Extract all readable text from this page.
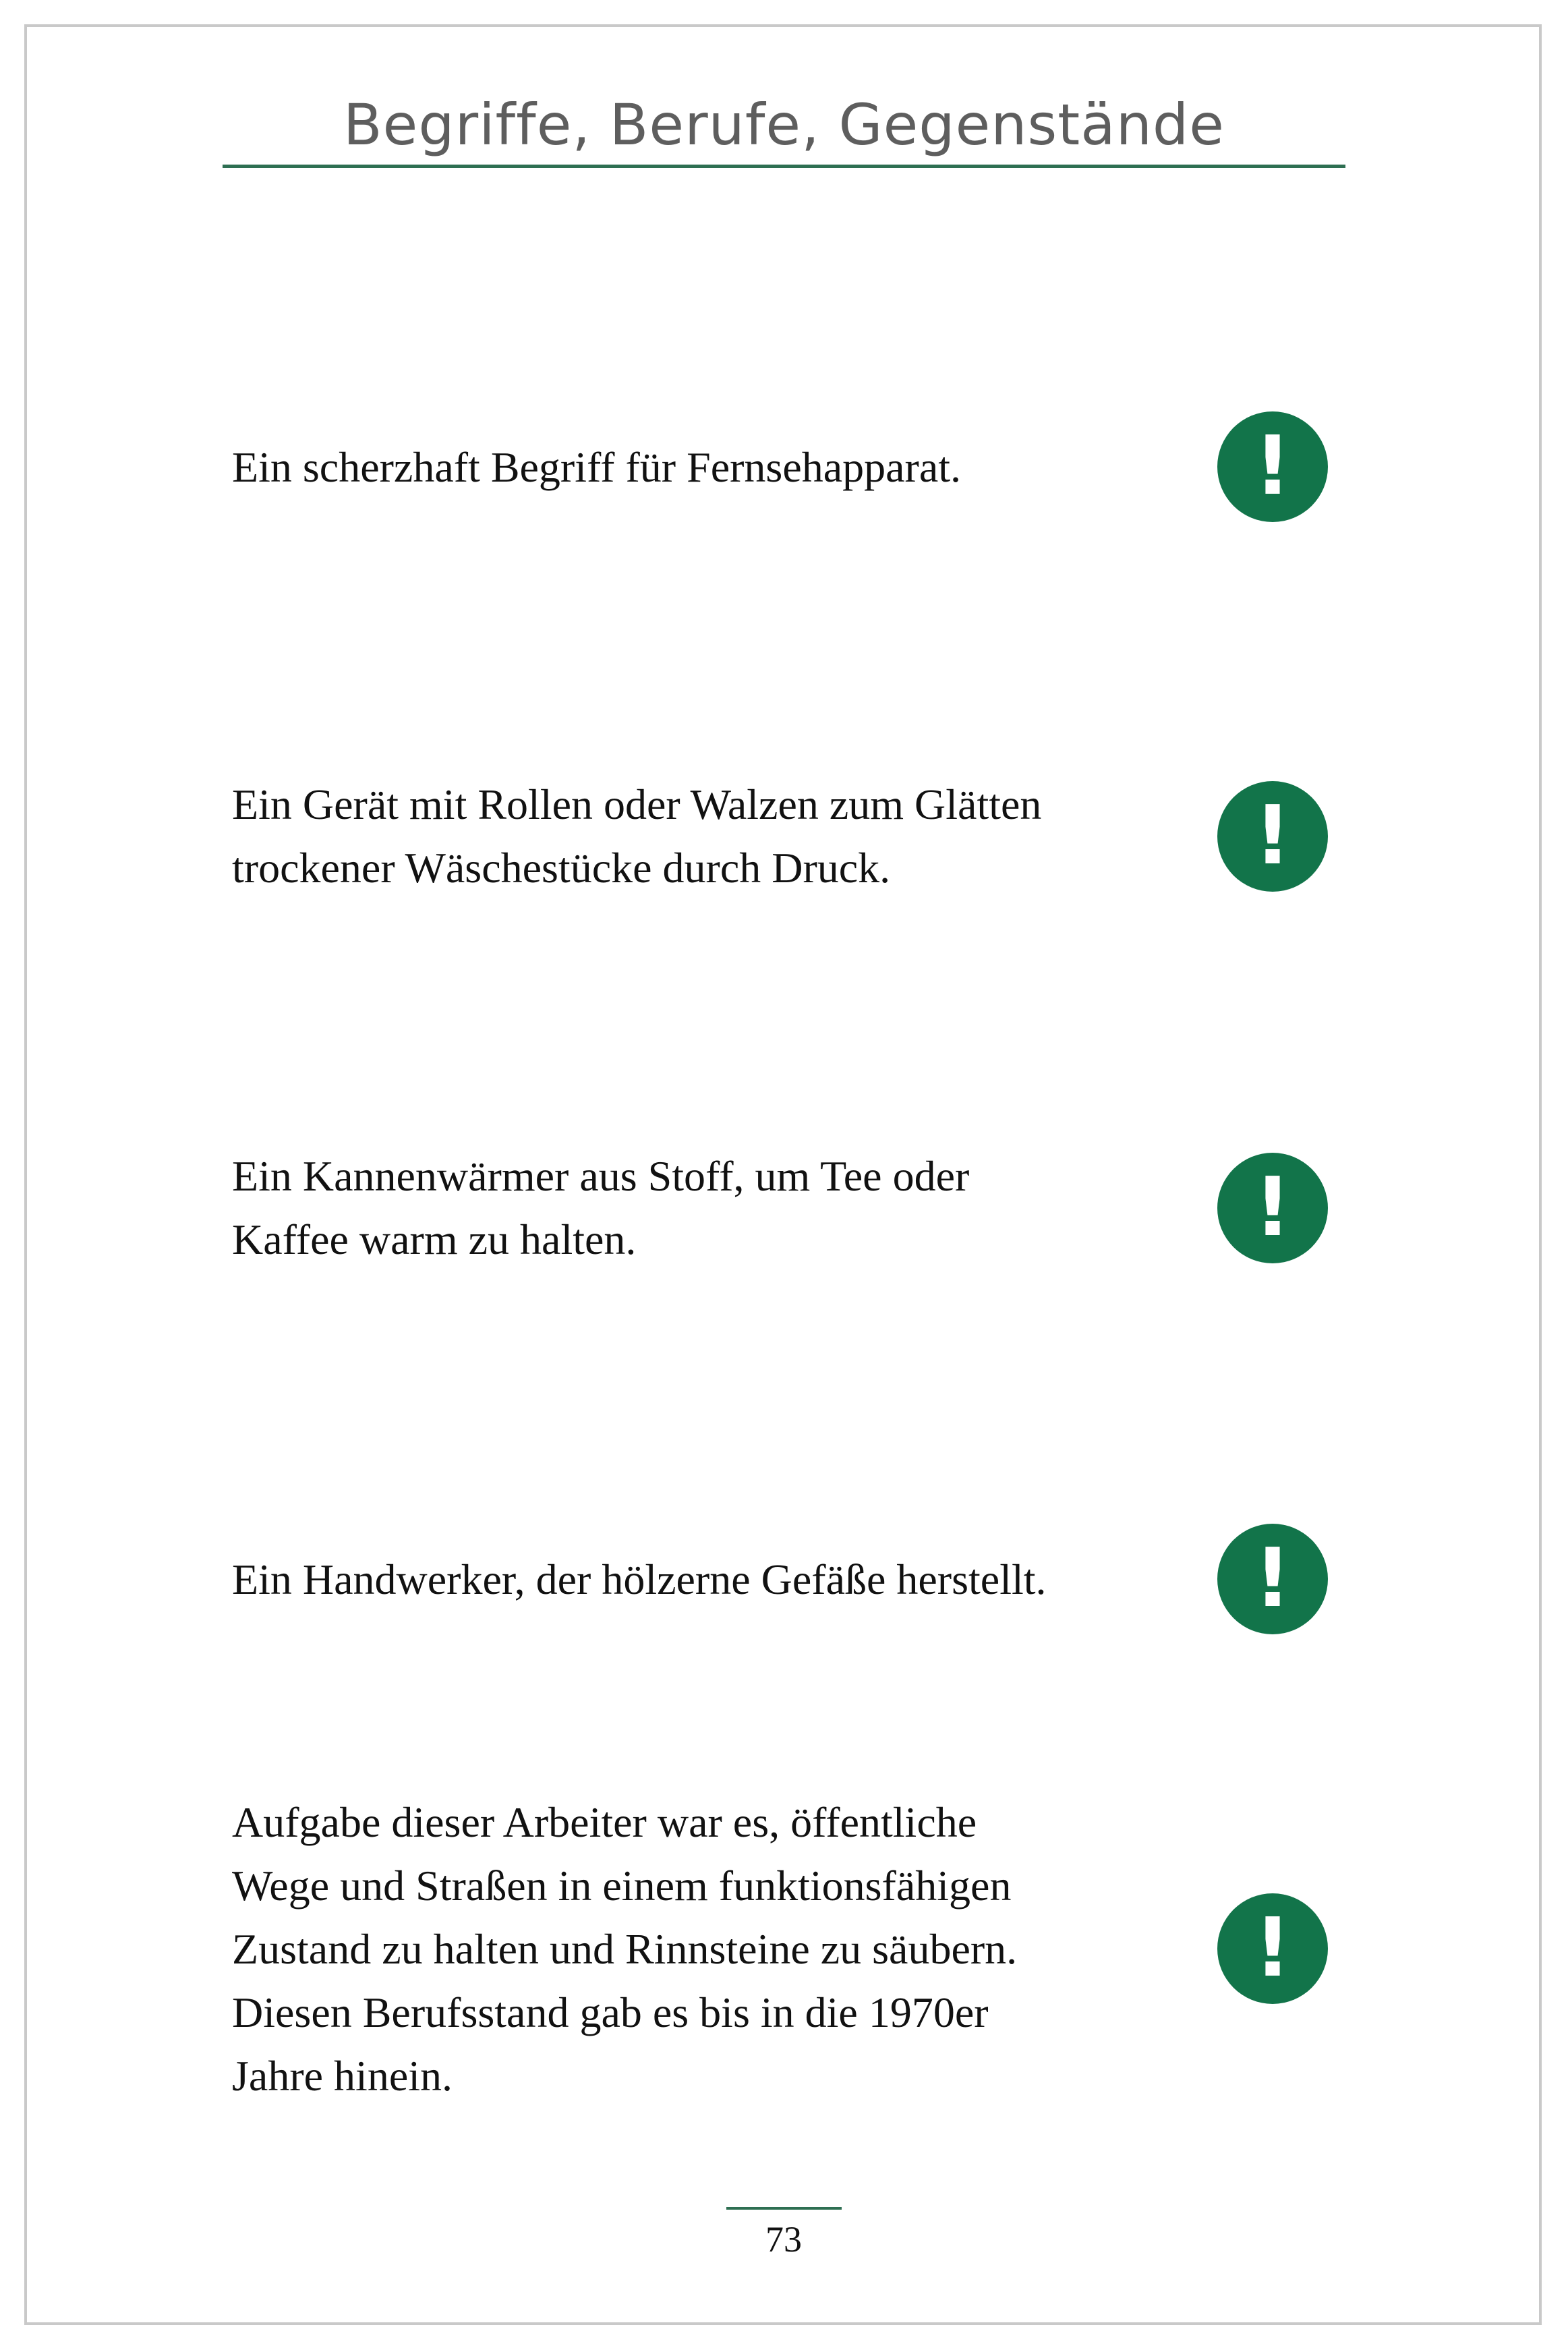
Begriffe, Berufe, Gegenstände

Ein scherzhaft Begriff für Fernsehapparat.	!

Ein Gerät mit Rollen oder Walzen zum Glätten

trockener Wäschestücke durch Druck.	!

Ein Kannenwärmer aus Stoff, um Tee oder

Kaffee warm zu halten.	!

Ein Handwerker, der hölzerne Gefäße herstellt.	!

Aufgabe dieser Arbeiter war es, öffentliche

Wege und Straßen in einem funktionsfähigen

Zustand zu halten und Rinnsteine zu säubern.

Diesen Berufsstand gab es bis in die 1970er

Jahre hinein.

!
73
